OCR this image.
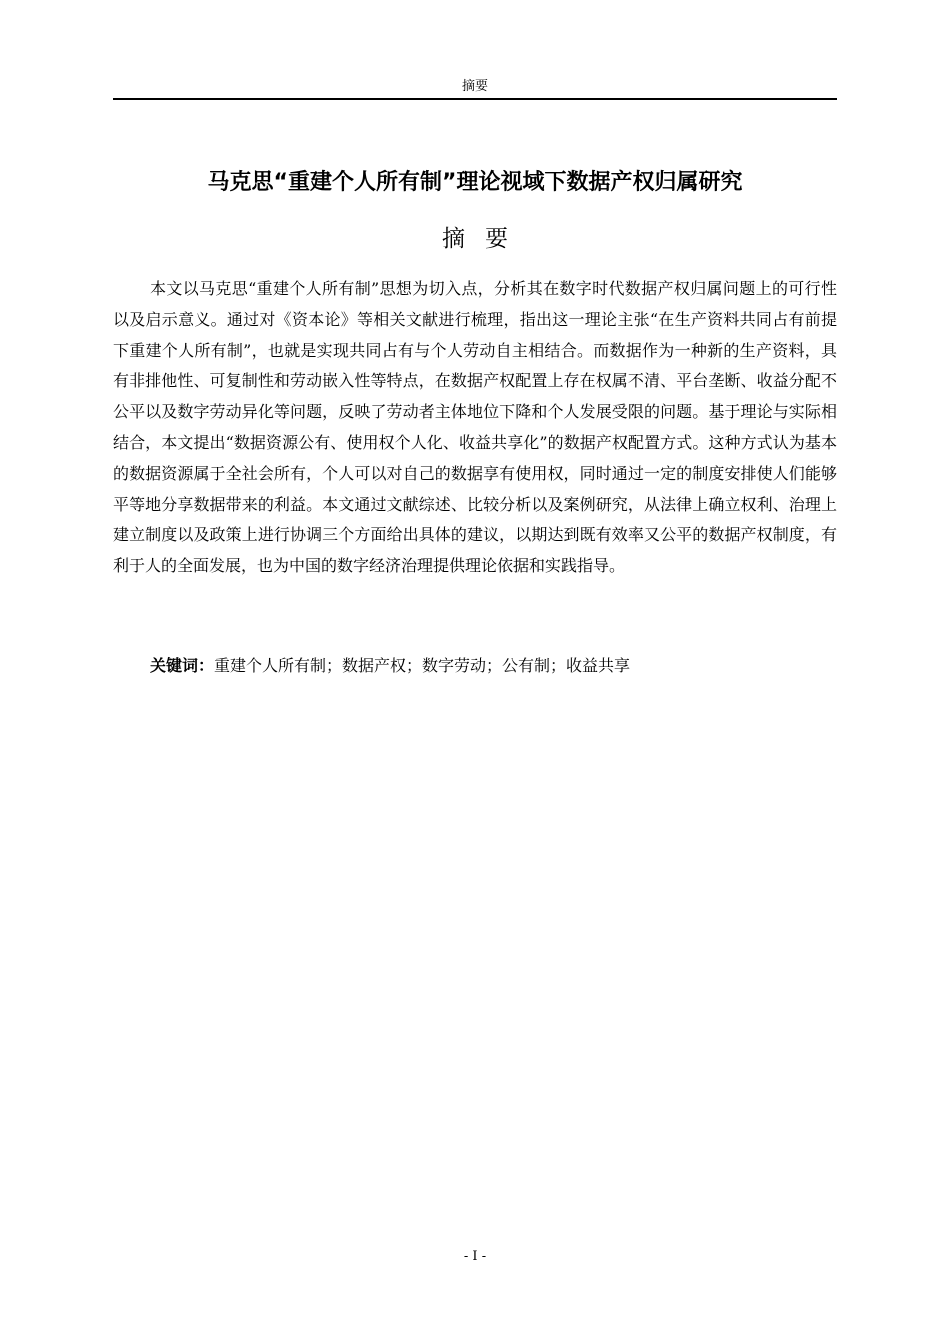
摘要
马克思“重建个人所有制”理论视域下数据产权归属研究
摘要

本文以马克思“重建个人所有制”思想为切入点，分析其在数字时代数据产权归属问题上的可行性以及启示意义。通过对《资本论》等相关文献进行梳理，指出这一理论主张“在生产资料共同占有前提下重建个人所有制”，也就是实现共同占有与个人劳动自主相结合。而数据作为一种新的生产资料，具有非排他性、可复制性和劳动嵌入性等特点，在数据产权配置上存在权属不清、平台垄断、收益分配不公平以及数字劳动异化等问题，反映了劳动者主体地位下降和个人发展受限的问题。基于理论与实际相结合，本文提出“数据资源公有、使用权个人化、收益共享化”的数据产权配置方式。这种方式认为基本的数据资源属于全社会所有，个人可以对自己的数据享有使用权，同时通过一定的制度安排使人们能够平等地分享数据带来的利益。本文通过文献综述、比较分析以及案例研究，从法律上确立权利、治理上建立制度以及政策上进行协调三个方面给出具体的建议，以期达到既有效率又公平的数据产权制度，有利于人的全面发展，也为中国的数字经济治理提供理论依据和实践指导。

关键词：重建个人所有制；数据产权；数字劳动；公有制；收益共享
- I -
